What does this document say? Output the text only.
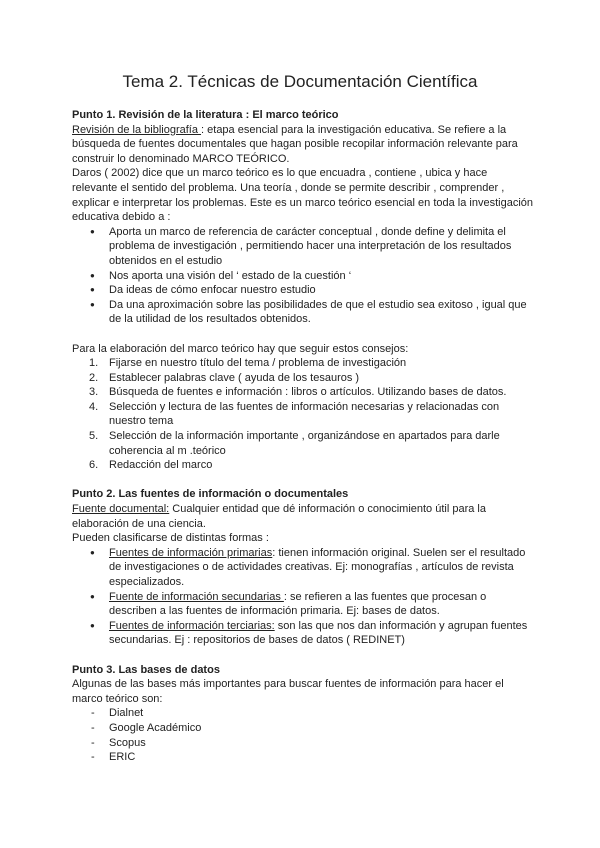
Tema 2. Técnicas de Documentación Científica
Punto 1. Revisión de la literatura : El marco teórico

Revisión de la bibliografía : etapa esencial para la investigación educativa. Se refiere a la búsqueda de fuentes documentales que hagan posible recopilar información relevante para construir lo denominado MARCO TEÓRICO.

Daros ( 2002) dice que un marco teórico es lo que encuadra , contiene , ubica y hace relevante el sentido del problema. Una teoría , donde se permite describir , comprender , explicar e interpretar los problemas. Este es un marco teórico esencial en toda la investigación educativa debido a :

● Aporta un marco de referencia de carácter conceptual , donde define y delimita el problema de investigación , permitiendo hacer una interpretación de los resultados obtenidos en el estudio
● Nos aporta una visión del ‘ estado de la cuestión ‘
● Da ideas de cómo enfocar nuestro estudio
● Da una aproximación sobre las posibilidades de que el estudio sea exitoso , igual que de la utilidad de los resultados obtenidos.

Para la elaboración del marco teórico hay que seguir estos consejos:

1. Fijarse en nuestro título del tema / problema de investigación
2. Establecer palabras clave ( ayuda de los tesauros )
3. Búsqueda de fuentes e información : libros o artículos. Utilizando bases de datos.
4. Selección y lectura de las fuentes de información necesarias y relacionadas con nuestro tema
5. Selección de la información importante , organizándose en apartados para darle coherencia al m .teórico
6. Redacción del marco
Punto 2. Las fuentes de información o documentales

Fuente documental: Cualquier entidad que dé información o conocimiento útil para la elaboración de una ciencia.

Pueden clasificarse de distintas formas :

● Fuentes de información primarias: tienen información original. Suelen ser el resultado de investigaciones o de actividades creativas. Ej: monografías , artículos de revista especializados.
● Fuente de información secundarias : se refieren a las fuentes que procesan o describen a las fuentes de información primaria. Ej: bases de datos.
● Fuentes de información terciarias: son las que nos dan información y agrupan fuentes secundarias. Ej : repositorios de bases de datos ( REDINET)
Punto 3. Las bases de datos

Algunas de las bases más importantes para buscar fuentes de información para hacer el marco teórico son:

- Dialnet
- Google Académico
- Scopus
- ERIC
